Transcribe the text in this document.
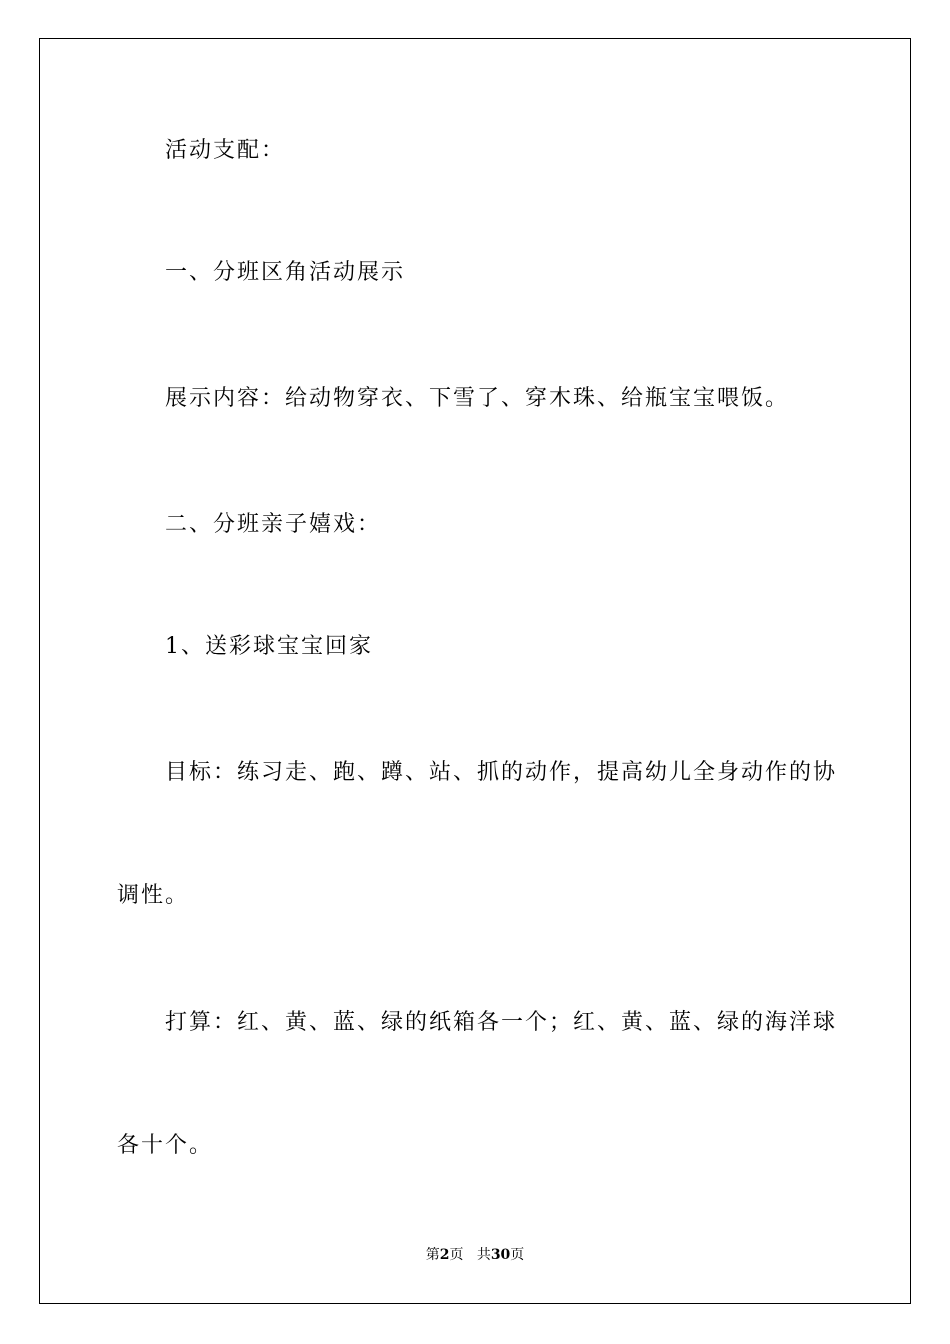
活动支配：

一、分班区角活动展示

展示内容：给动物穿衣、下雪了、穿木珠、给瓶宝宝喂饭。

二、分班亲子嬉戏：

1、送彩球宝宝回家

目标：练习走、跑、蹲、站、抓的动作，提高幼儿全身动作的协

调性。

打算：红、黄、蓝、绿的纸箱各一个；红、黄、蓝、绿的海洋球

各十个。

第2页 共30页
